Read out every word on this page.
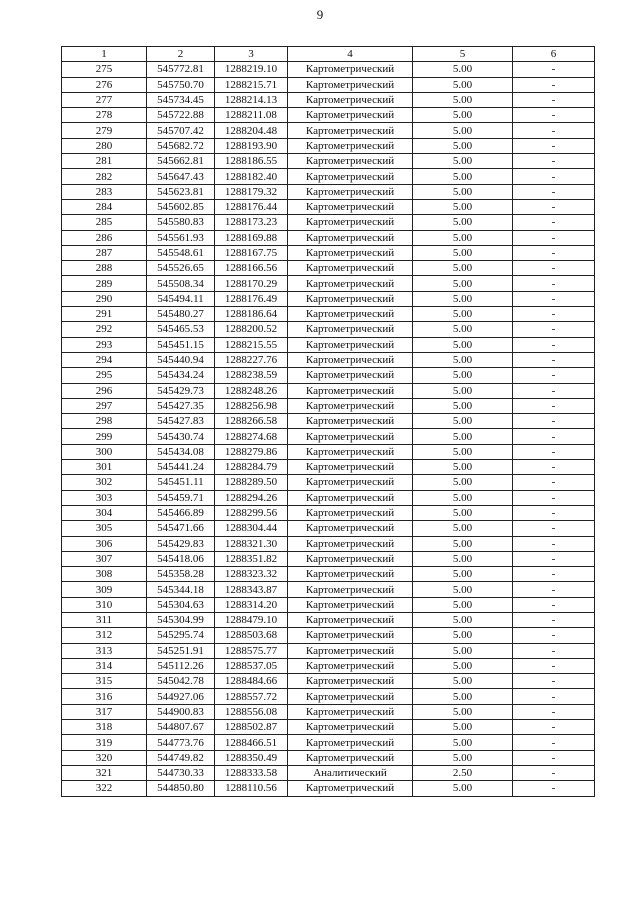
9
1	2	3	4	5	6
275	545772.81	1288219.10	Картометрический	5.00	-
276	545750.70	1288215.71	Картометрический	5.00	-
277	545734.45	1288214.13	Картометрический	5.00	-
278	545722.88	1288211.08	Картометрический	5.00	-
279	545707.42	1288204.48	Картометрический	5.00	-
280	545682.72	1288193.90	Картометрический	5.00	-
281	545662.81	1288186.55	Картометрический	5.00	-
282	545647.43	1288182.40	Картометрический	5.00	-
283	545623.81	1288179.32	Картометрический	5.00	-
284	545602.85	1288176.44	Картометрический	5.00	-
285	545580.83	1288173.23	Картометрический	5.00	-
286	545561.93	1288169.88	Картометрический	5.00	-
287	545548.61	1288167.75	Картометрический	5.00	-
288	545526.65	1288166.56	Картометрический	5.00	-
289	545508.34	1288170.29	Картометрический	5.00	-
290	545494.11	1288176.49	Картометрический	5.00	-
291	545480.27	1288186.64	Картометрический	5.00	-
292	545465.53	1288200.52	Картометрический	5.00	-
293	545451.15	1288215.55	Картометрический	5.00	-
294	545440.94	1288227.76	Картометрический	5.00	-
295	545434.24	1288238.59	Картометрический	5.00	-
296	545429.73	1288248.26	Картометрический	5.00	-
297	545427.35	1288256.98	Картометрический	5.00	-
298	545427.83	1288266.58	Картометрический	5.00	-
299	545430.74	1288274.68	Картометрический	5.00	-
300	545434.08	1288279.86	Картометрический	5.00	-
301	545441.24	1288284.79	Картометрический	5.00	-
302	545451.11	1288289.50	Картометрический	5.00	-
303	545459.71	1288294.26	Картометрический	5.00	-
304	545466.89	1288299.56	Картометрический	5.00	-
305	545471.66	1288304.44	Картометрический	5.00	-
306	545429.83	1288321.30	Картометрический	5.00	-
307	545418.06	1288351.82	Картометрический	5.00	-
308	545358.28	1288323.32	Картометрический	5.00	-
309	545344.18	1288343.87	Картометрический	5.00	-
310	545304.63	1288314.20	Картометрический	5.00	-
311	545304.99	1288479.10	Картометрический	5.00	-
312	545295.74	1288503.68	Картометрический	5.00	-
313	545251.91	1288575.77	Картометрический	5.00	-
314	545112.26	1288537.05	Картометрический	5.00	-
315	545042.78	1288484.66	Картометрический	5.00	-
316	544927.06	1288557.72	Картометрический	5.00	-
317	544900.83	1288556.08	Картометрический	5.00	-
318	544807.67	1288502.87	Картометрический	5.00	-
319	544773.76	1288466.51	Картометрический	5.00	-
320	544749.82	1288350.49	Картометрический	5.00	-
321	544730.33	1288333.58	Аналитический	2.50	-
322	544850.80	1288110.56	Картометрический	5.00	-
